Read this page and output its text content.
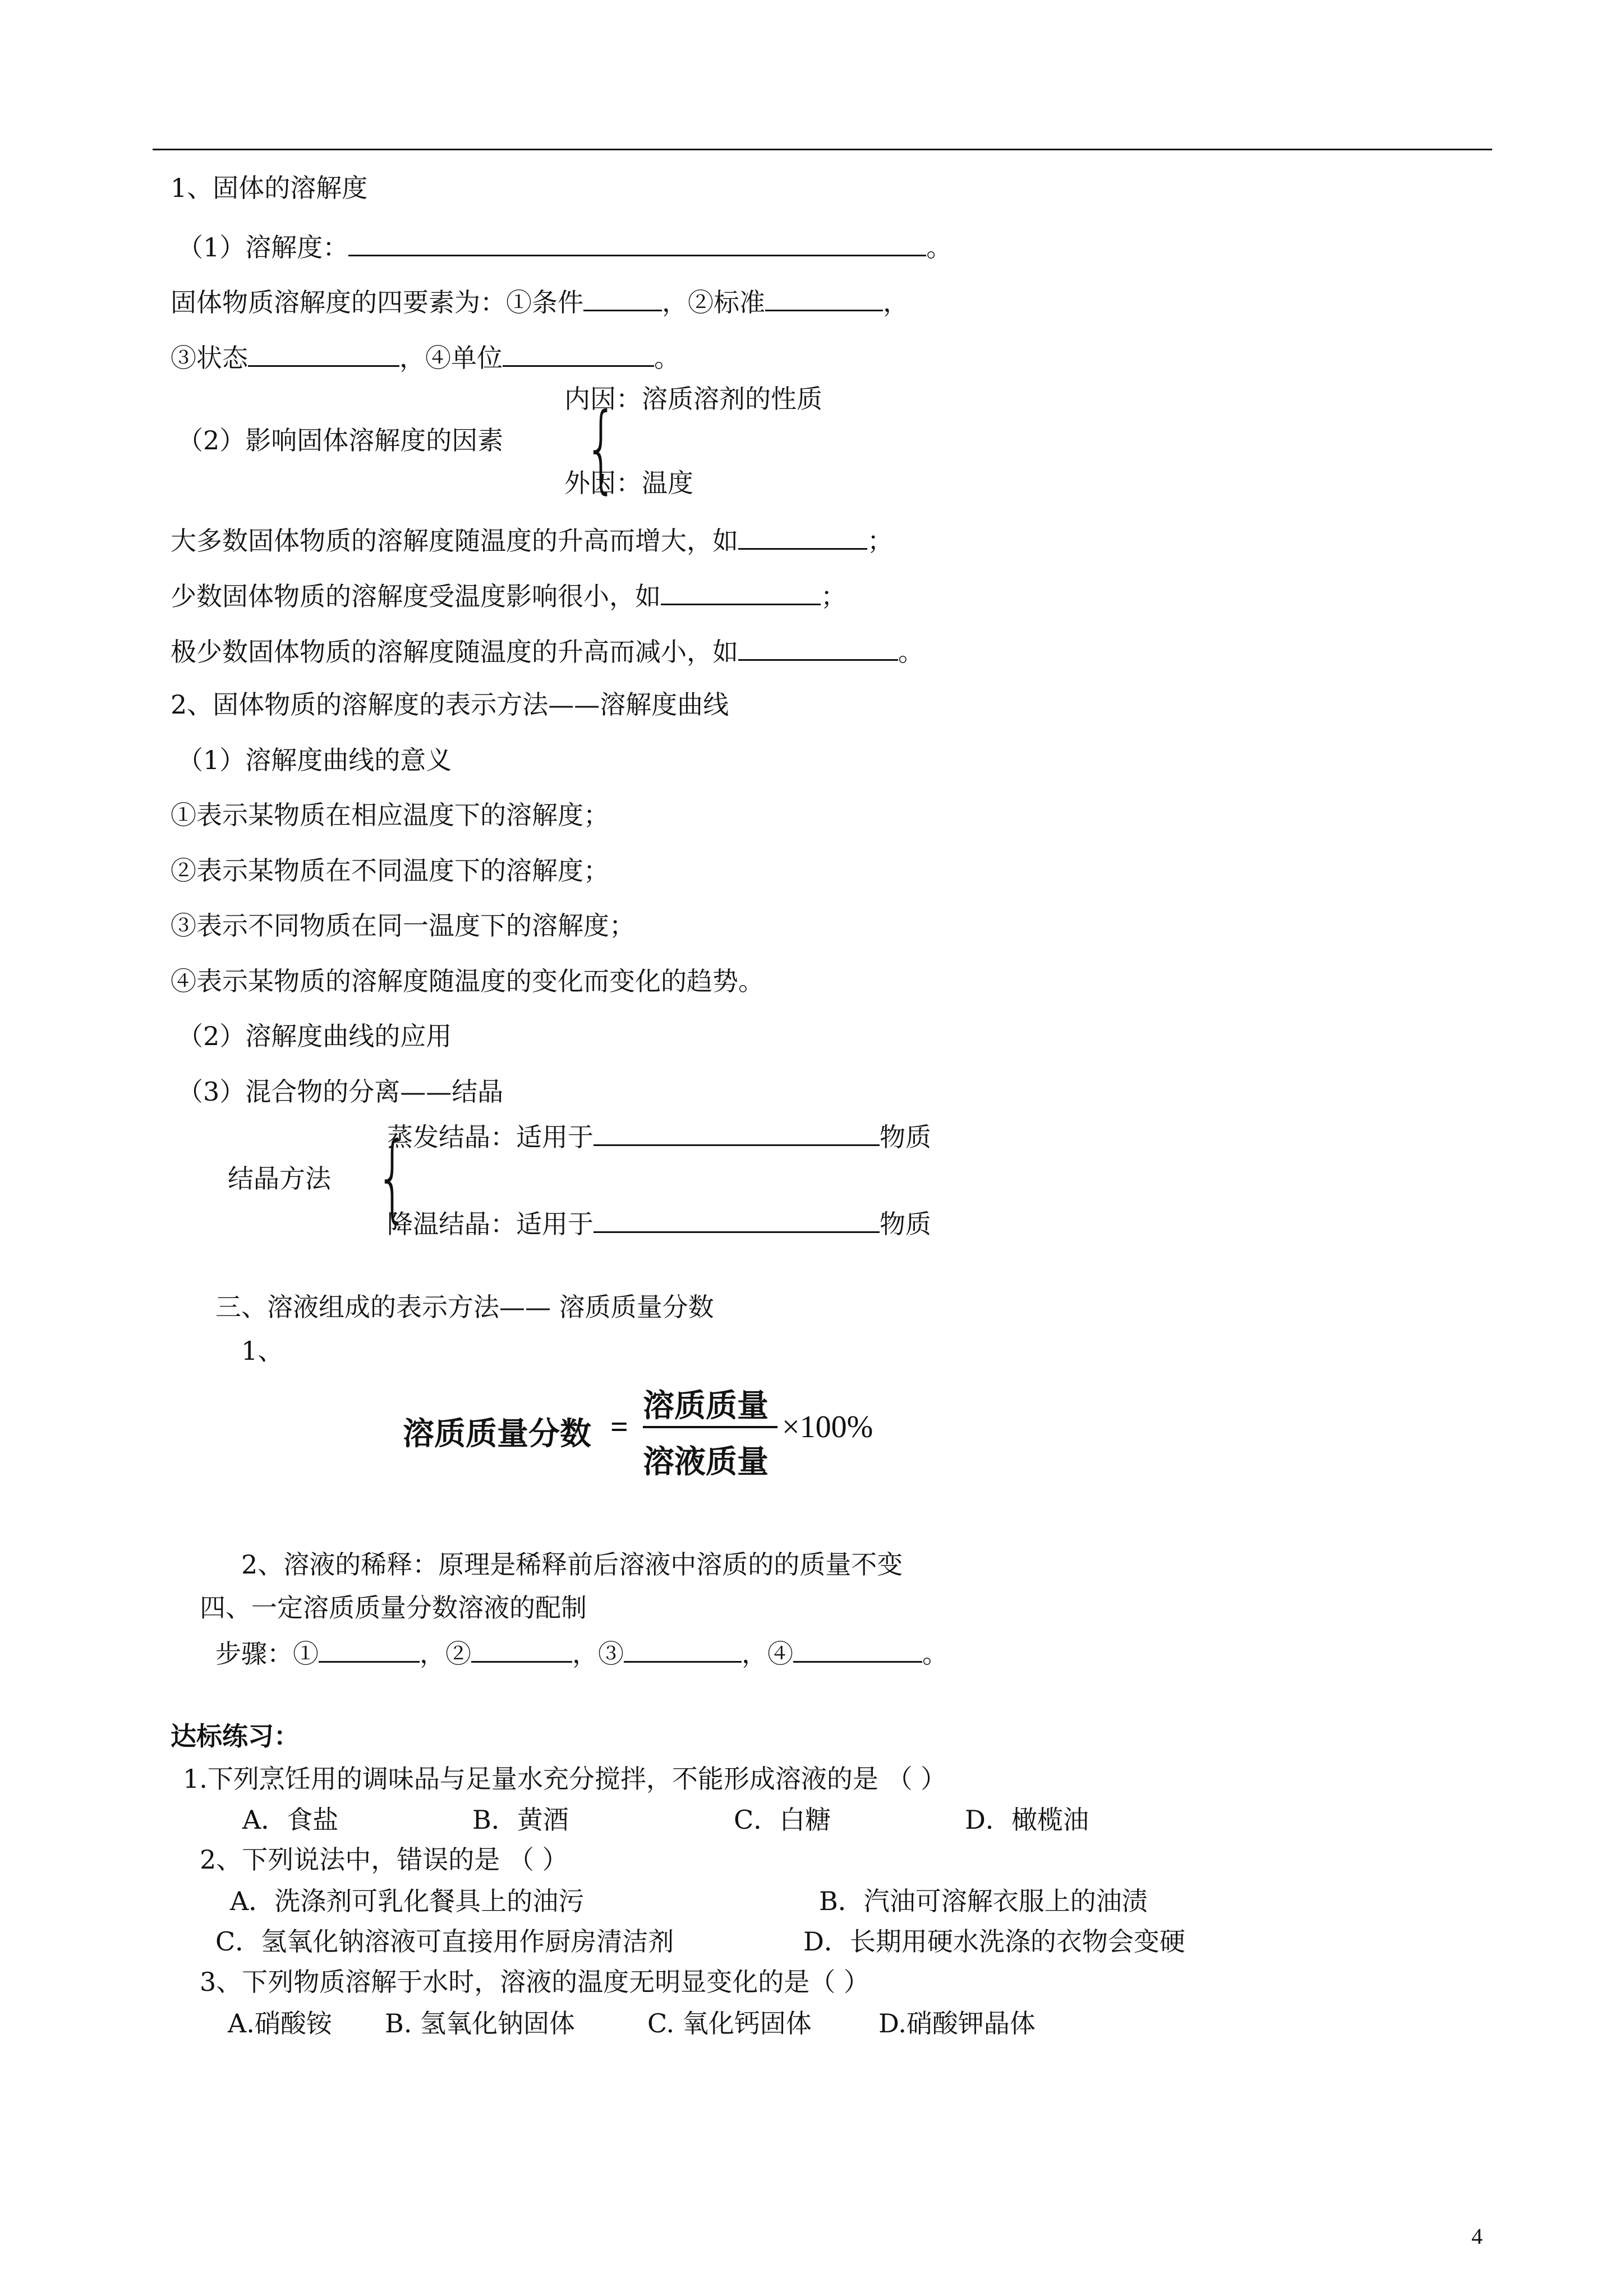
1、固体的溶解度
（1）溶解度：	。
固体物质溶解度的四要素为：①条件	，②标准	，
③状态	，④单位	。
内因：溶质溶剂的性质
{
（2）影响固体溶解度的因素
外因：温度
大多数固体物质的溶解度随温度的升高而增大，如	；
少数固体物质的溶解度受温度影响很小，如	；
极少数固体物质的溶解度随温度的升高而减小，如	。
2、固体物质的溶解度的表示方法——溶解度曲线
（1）溶解度曲线的意义
①表示某物质在相应温度下的溶解度；
②表示某物质在不同温度下的溶解度；
③表示不同物质在同一温度下的溶解度；
④表示某物质的溶解度随温度的变化而变化的趋势。
（2）溶解度曲线的应用
（3）混合物的分离——结晶
蒸发结晶：适用于	物质
{
结晶方法
降温结晶：适用于	物质
三、溶液组成的表示方法—— 溶质质量分数
1、
溶质质量分数 =
溶质质量
溶液质量
×100%
2、溶液的稀释：原理是稀释前后溶液中溶质的的质量不变
四、一定溶质质量分数溶液的配制
步骤：①	，②	，③	，④	。
达标练习：
1.下列烹饪用的调味品与足量水充分搅拌，不能形成溶液的是 （ ）
A．食盐	B．黄酒	C．白糖	D．橄榄油
2、下列说法中，错误的是 （ ）
A．洗涤剂可乳化餐具上的油污	B．汽油可溶解衣服上的油渍
C．氢氧化钠溶液可直接用作厨房清洁剂	D．长期用硬水洗涤的衣物会变硬
3、下列物质溶解于水时，溶液的温度无明显变化的是（ ）
A.硝酸铵 B. 氢氧化钠固体	C. 氧化钙固体	D.硝酸钾晶体
4
